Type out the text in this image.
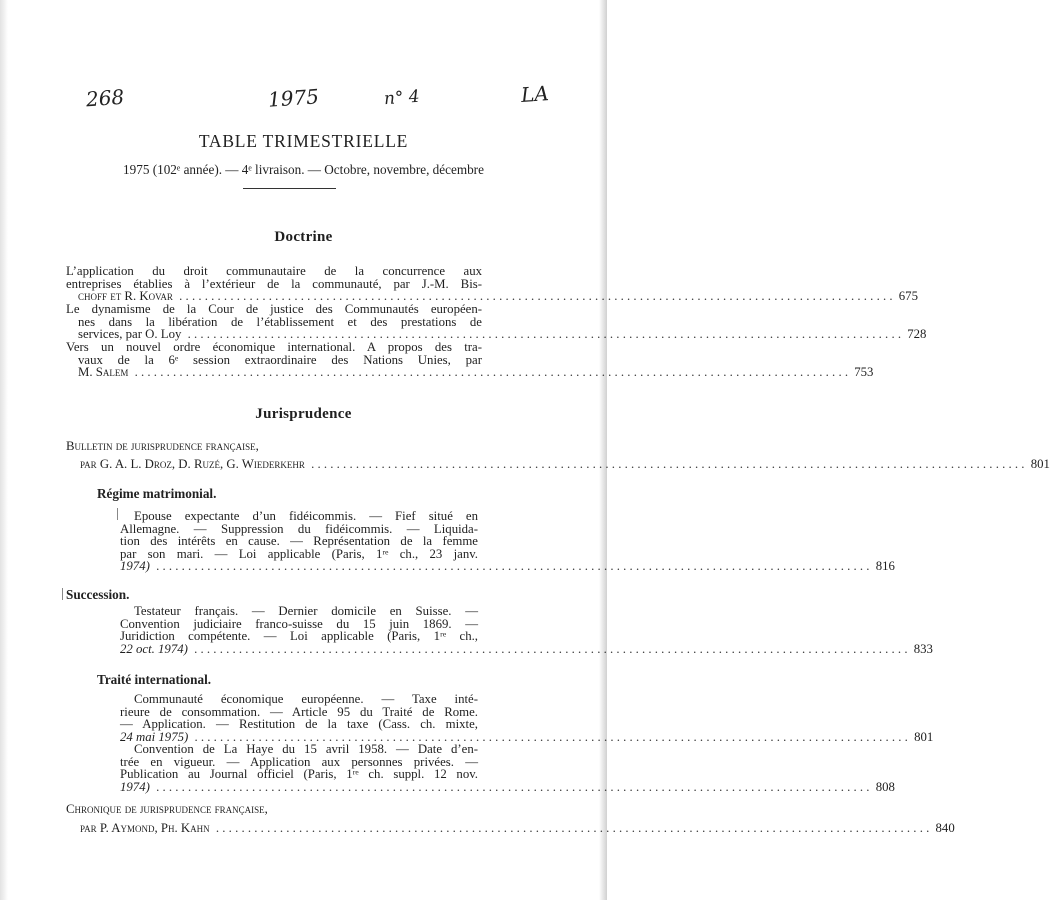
268	1975	n° 4	LA
TABLE TRIMESTRIELLE
1975 (102ᵉ année). — 4ᵉ livraison. — Octobre, novembre, décembre
Doctrine
L’application du droit communautaire de la concurrence aux
entreprises établies à l’extérieur de la communauté, par J.-M. Bis-
choff et R. Kovar . . .	675
Le dynamisme de la Cour de justice des Communautés européen-
nes dans la libération de l’établissement et des prestations de
services, par O. Loy . . .	728
Vers un nouvel ordre économique international. A propos des tra-
vaux de la 6ᵉ session extraordinaire des Nations Unies, par
M. Salem . . .	753
Jurisprudence
Bulletin de jurisprudence française,
par G. A. L. Droz, D. Ruzé, G. Wiederkehr . . .	801
Régime matrimonial.
Epouse expectante d’un fidéicommis. — Fief situé en
Allemagne. — Suppression du fidéicommis. — Liquida-
tion des intérêts en cause. — Représentation de la femme
par son mari. — Loi applicable (Paris, 1ʳᵉ ch., 23 janv.
1974) . . .	816
Succession.
Testateur français. — Dernier domicile en Suisse. —
Convention judiciaire franco-suisse du 15 juin 1869. —
Juridiction compétente. — Loi applicable (Paris, 1ʳᵉ ch.,
22 oct. 1974) . . .	833
Traité international.
Communauté économique européenne. — Taxe inté-
rieure de consommation. — Article 95 du Traité de Rome.
— Application. — Restitution de la taxe (Cass. ch. mixte,
24 mai 1975) . . .	801
Convention de La Haye du 15 avril 1958. — Date d’en-
trée en vigueur. — Application aux personnes privées. —
Publication au Journal officiel (Paris, 1ʳᵉ ch. suppl. 12 nov.
1974) . . .	808
Chronique de jurisprudence française,
par P. Aymond, Ph. Kahn . . .	840
